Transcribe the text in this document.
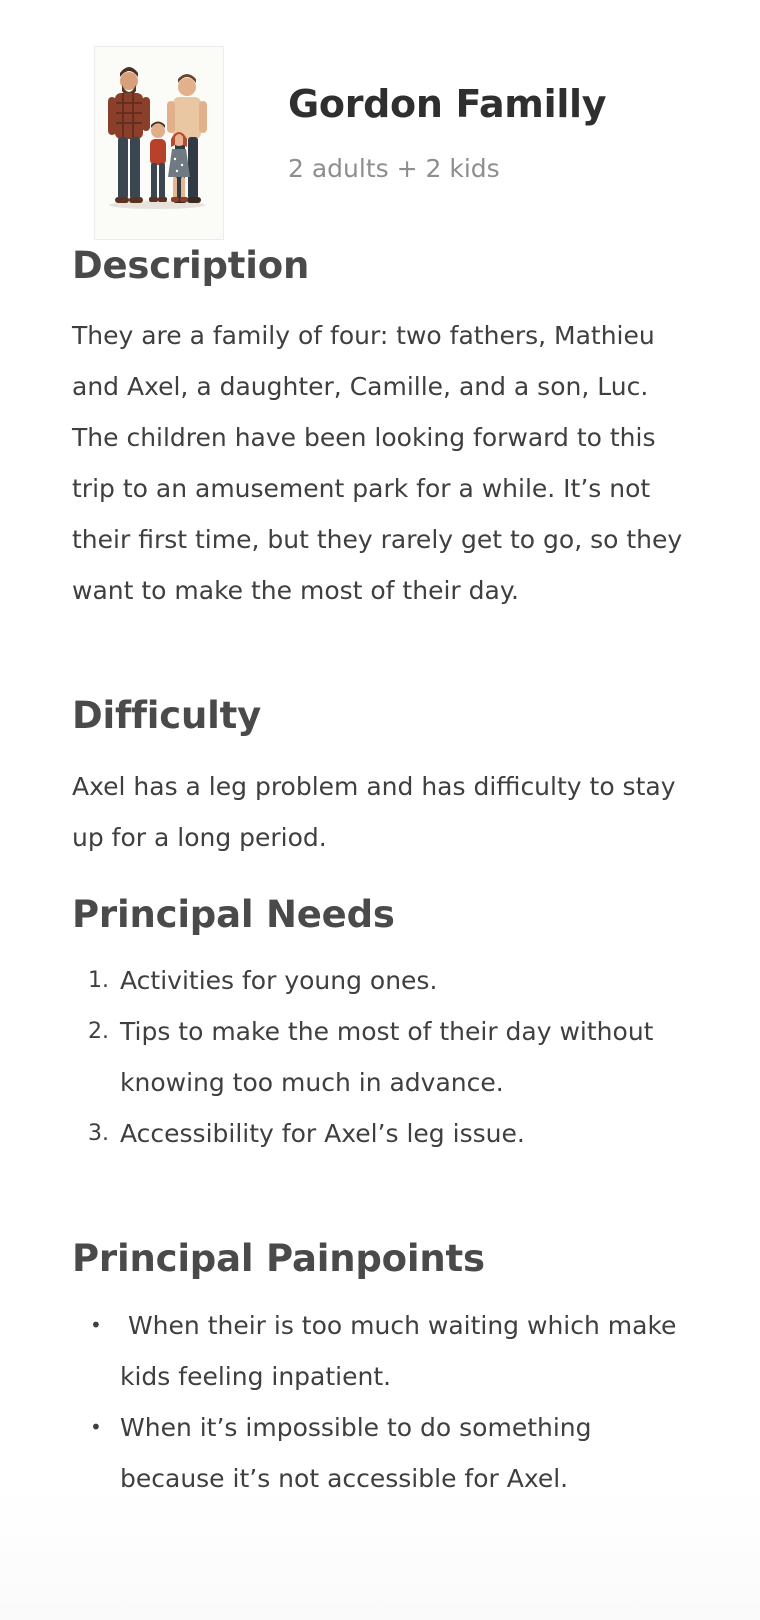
Gordon Familly
2 adults + 2 kids
Description

They are a family of four: two fathers, Mathieu and Axel, a daughter, Camille, and a son, Luc. The children have been looking forward to this trip to an amusement park for a while. It’s not their first time, but they rarely get to go, so they want to make the most of their day.

Difficulty

Axel has a leg problem and has difficulty to stay up for a long period.

Principal Needs
1. Activities for young ones.
2. Tips to make the most of their day without knowing too much in advance.
3. Accessibility for Axel’s leg issue.
Principal Painpoints
• When their is too much waiting which make kids feeling inpatient.
• When it’s impossible to do something because it’s not accessible for Axel.
